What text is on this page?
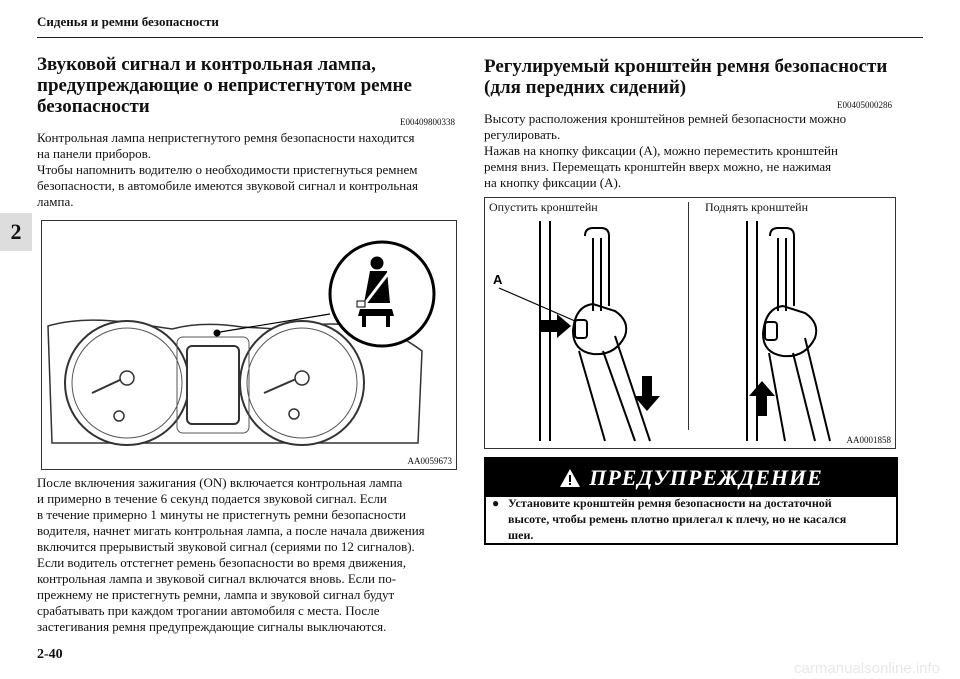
Сиденья и ремни безопасности
2
Звуковой сигнал и контрольная лампа,
предупреждающие о непристегнутом ремне
безопасности
E00409800338
Контрольная лампа непристегнутого ремня безопасности находится
на панели приборов.
Чтобы напомнить водителю о необходимости пристегнуться ремнем
безопасности, в автомобиле имеются звуковой сигнал и контрольная
лампа.
AA0059673
После включения зажигания (ON) включается контрольная лампа
и примерно в течение 6 секунд подается звуковой сигнал. Если
в течение примерно 1 минуты не пристегнуть ремни безопасности
водителя, начнет мигать контрольная лампа, а после начала движения
включится прерывистый звуковой сигнал (сериями по 12 сигналов).
Если водитель отстегнет ремень безопасности во время движения,
контрольная лампа и звуковой сигнал включатся вновь. Если по-
прежнему не пристегнуть ремни, лампа и звуковой сигнал будут
срабатывать при каждом трогании автомобиля с места. После
застегивания ремня предупреждающие сигналы выключаются.
Регулируемый кронштейн ремня безопасности
(для передних сидений)
E00405000286
Высоту расположения кронштейнов ремней безопасности можно
регулировать.
Нажав на кнопку фиксации (А), можно переместить кронштейн
ремня вниз. Перемещать кронштейн вверх можно, не нажимая
на кнопку фиксации (А).
Опустить кронштейн	Поднять кронштейн
A
AA0001858
ПРЕДУПРЕЖДЕНИЕ
● Установите кронштейн ремня безопасности на достаточной
высоте, чтобы ремень плотно прилегал к плечу, но не касался
шеи.
2-40
carmanualsonline.info
